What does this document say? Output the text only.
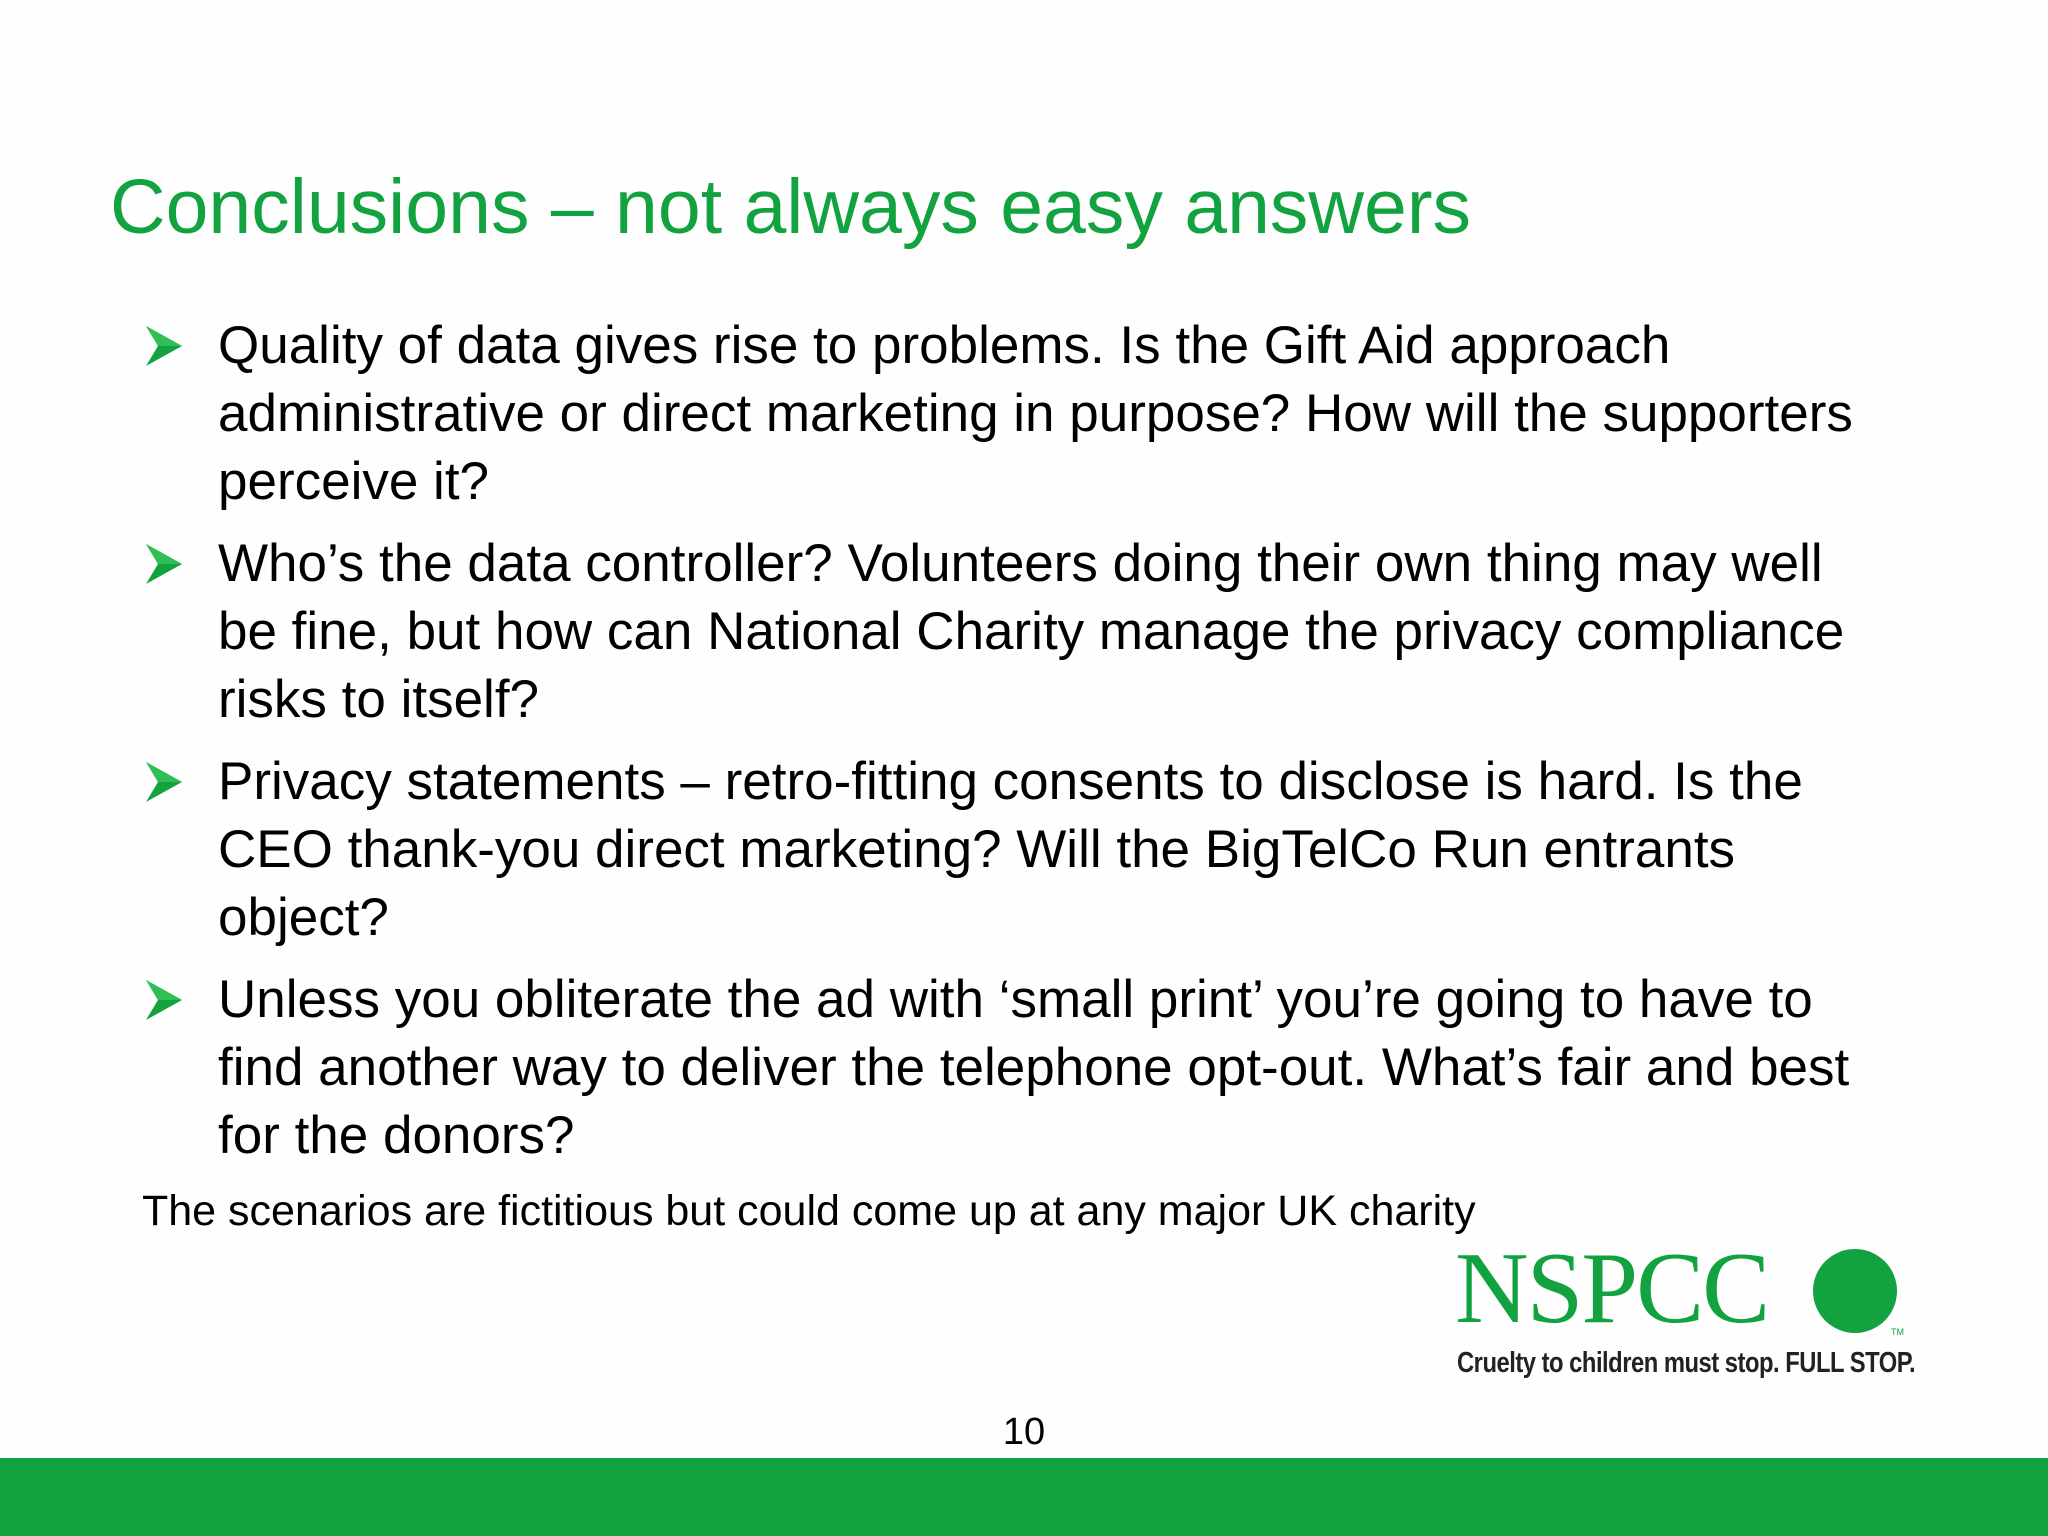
Conclusions – not always easy answers
Quality of data gives rise to problems. Is the Gift Aid approach administrative or direct marketing in purpose? How will the supporters perceive it?
Who’s the data controller? Volunteers doing their own thing may well be fine, but how can National Charity manage the privacy compliance risks to itself?
Privacy statements – retro-fitting consents to disclose is hard. Is the CEO thank-you direct marketing? Will the BigTelCo Run entrants object?
Unless you obliterate the ad with ‘small print’ you’re going to have to find another way to deliver the telephone opt-out. What’s fair and best for the donors?
The scenarios are fictitious but could come up at any major UK charity
NSPCC	TM
Cruelty to children must stop. FULL STOP.
10
